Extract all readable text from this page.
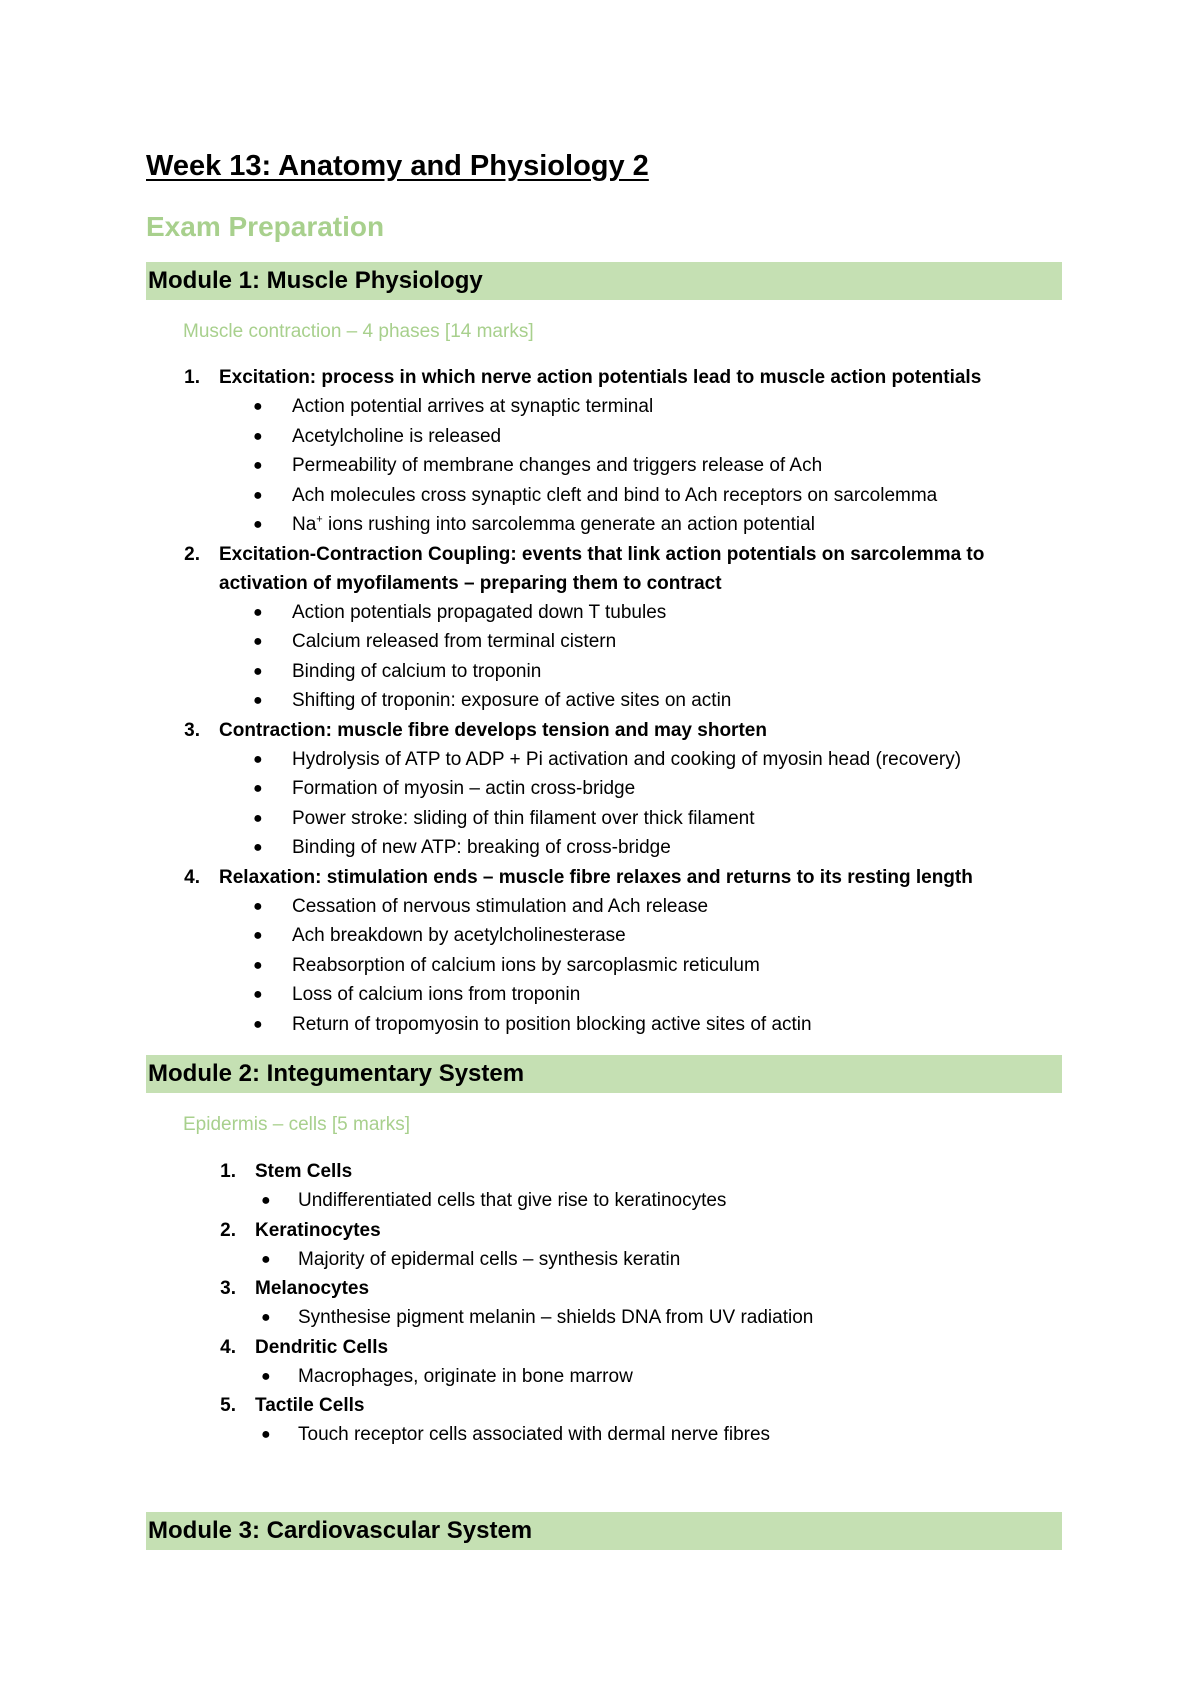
Week 13: Anatomy and Physiology 2
Exam Preparation
Module 1: Muscle Physiology
Muscle contraction – 4 phases [14 marks]
1. Excitation: process in which nerve action potentials lead to muscle action potentials
● Action potential arrives at synaptic terminal
● Acetylcholine is released
● Permeability of membrane changes and triggers release of Ach
● Ach molecules cross synaptic cleft and bind to Ach receptors on sarcolemma
● Na+ ions rushing into sarcolemma generate an action potential
2. Excitation-Contraction Coupling: events that link action potentials on sarcolemma to
activation of myofilaments – preparing them to contract
● Action potentials propagated down T tubules
● Calcium released from terminal cistern
● Binding of calcium to troponin
● Shifting of troponin: exposure of active sites on actin
3. Contraction: muscle fibre develops tension and may shorten
● Hydrolysis of ATP to ADP + Pi activation and cooking of myosin head (recovery)
● Formation of myosin – actin cross-bridge
● Power stroke: sliding of thin filament over thick filament
● Binding of new ATP: breaking of cross-bridge
4. Relaxation: stimulation ends – muscle fibre relaxes and returns to its resting length
● Cessation of nervous stimulation and Ach release
● Ach breakdown by acetylcholinesterase
● Reabsorption of calcium ions by sarcoplasmic reticulum
● Loss of calcium ions from troponin
● Return of tropomyosin to position blocking active sites of actin
Module 2: Integumentary System
Epidermis – cells [5 marks]
1. Stem Cells
● Undifferentiated cells that give rise to keratinocytes
2. Keratinocytes
● Majority of epidermal cells – synthesis keratin
3. Melanocytes
● Synthesise pigment melanin – shields DNA from UV radiation
4. Dendritic Cells
● Macrophages, originate in bone marrow
5. Tactile Cells
● Touch receptor cells associated with dermal nerve fibres
Module 3: Cardiovascular System
